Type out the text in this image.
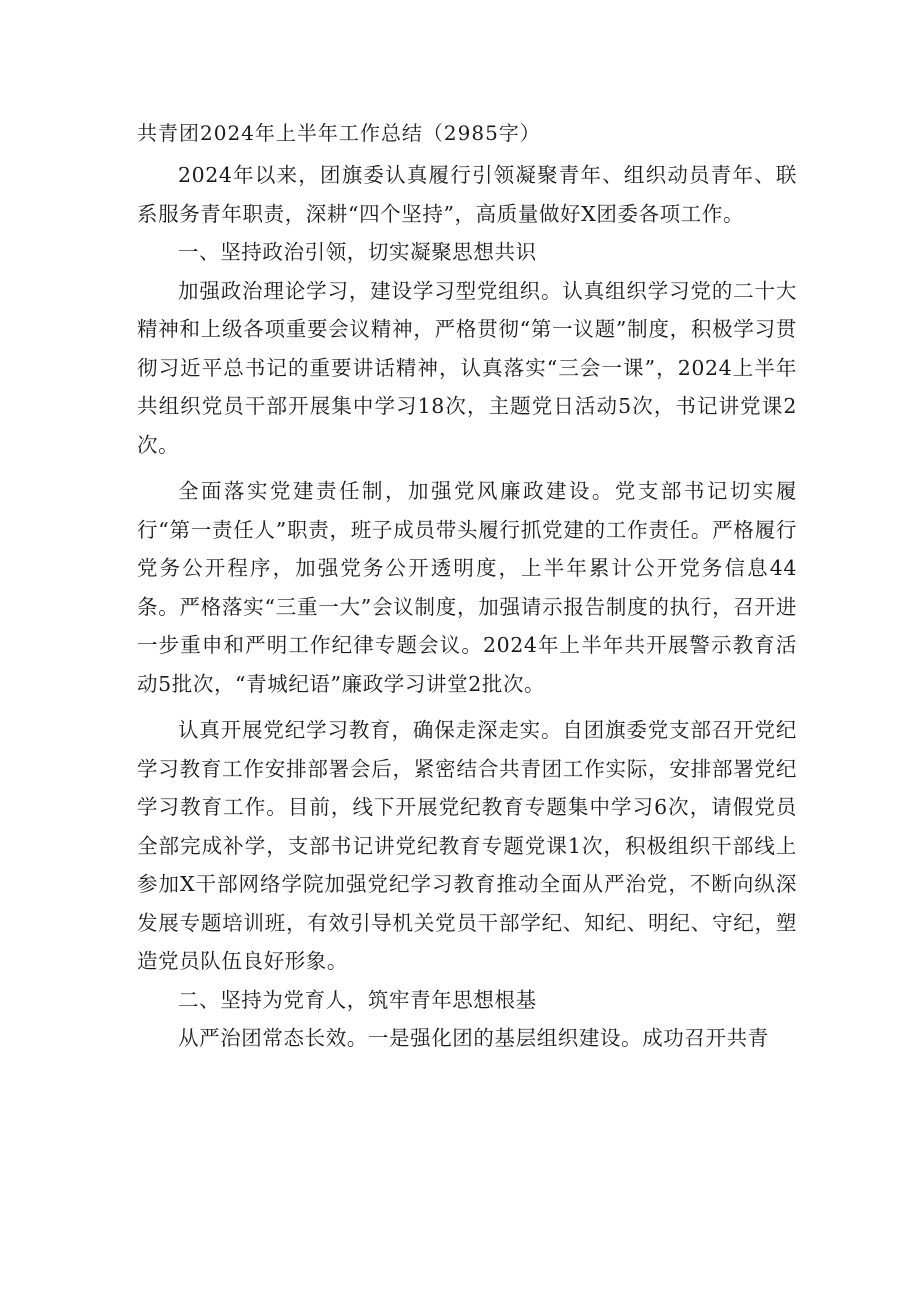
共青团2024年上半年工作总结（2985字）

2024年以来，团旗委认真履行引领凝聚青年、组织动员青年、联系服务青年职责，深耕“四个坚持”，高质量做好X团委各项工作。

一、坚持政治引领，切实凝聚思想共识

加强政治理论学习，建设学习型党组织。认真组织学习党的二十大精神和上级各项重要会议精神，严格贯彻“第一议题”制度，积极学习贯彻习近平总书记的重要讲话精神，认真落实“三会一课”，2024上半年共组织党员干部开展集中学习18次，主题党日活动5次，书记讲党课2次。

全面落实党建责任制，加强党风廉政建设。党支部书记切实履行“第一责任人”职责，班子成员带头履行抓党建的工作责任。严格履行党务公开程序，加强党务公开透明度，上半年累计公开党务信息44条。严格落实“三重一大”会议制度，加强请示报告制度的执行，召开进一步重申和严明工作纪律专题会议。2024年上半年共开展警示教育活动5批次，“青城纪语”廉政学习讲堂2批次。

认真开展党纪学习教育，确保走深走实。自团旗委党支部召开党纪学习教育工作安排部署会后，紧密结合共青团工作实际，安排部署党纪学习教育工作。目前，线下开展党纪教育专题集中学习6次，请假党员全部完成补学，支部书记讲党纪教育专题党课1次，积极组织干部线上参加X干部网络学院加强党纪学习教育推动全面从严治党，不断向纵深发展专题培训班，有效引导机关党员干部学纪、知纪、明纪、守纪，塑造党员队伍良好形象。

二、坚持为党育人，筑牢青年思想根基

从严治团常态长效。一是强化团的基层组织建设。成功召开共青
